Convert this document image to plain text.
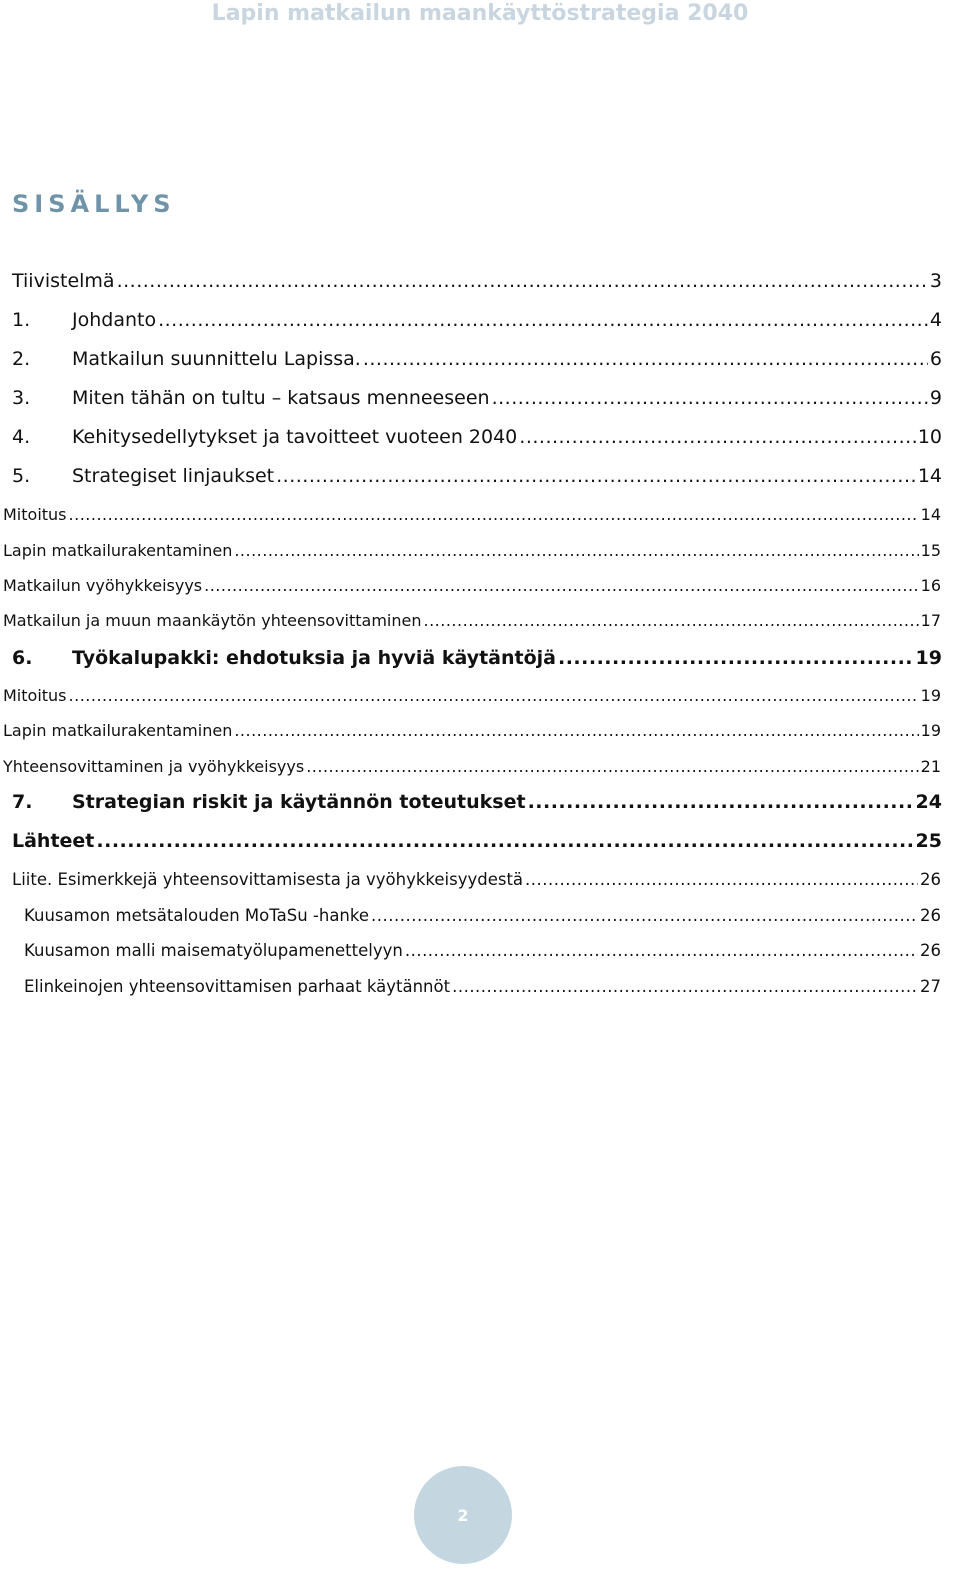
Lapin matkailun maankäyttöstrategia 2040
SISÄLLYS
Tiivistelmä .....	3
1.	Johdanto .....	4
2.	Matkailun suunnittelu Lapissa. .....	6
3.	Miten tähän on tultu – katsaus menneeseen .....	9
4.	Kehitysedellytykset ja tavoitteet vuoteen 2040 .....	10
5.	Strategiset linjaukset .....	14
Mitoitus .....	14
Lapin matkailurakentaminen .....	15
Matkailun vyöhykkeisyys .....	16
Matkailun ja muun maankäytön yhteensovittaminen .....	17
6.	Työkalupakki: ehdotuksia ja hyviä käytäntöjä .....	19
Mitoitus .....	19
Lapin matkailurakentaminen .....	19
Yhteensovittaminen ja vyöhykkeisyys .....	21
7.	Strategian riskit ja käytännön toteutukset .....	24
Lähteet .....	25
Liite. Esimerkkejä yhteensovittamisesta ja vyöhykkeisyydestä .....	26
Kuusamon metsätalouden MoTaSu -hanke .....	26
Kuusamon malli maisematyölupamenettelyyn .....	26
Elinkeinojen yhteensovittamisen parhaat käytännöt .....	27
2
